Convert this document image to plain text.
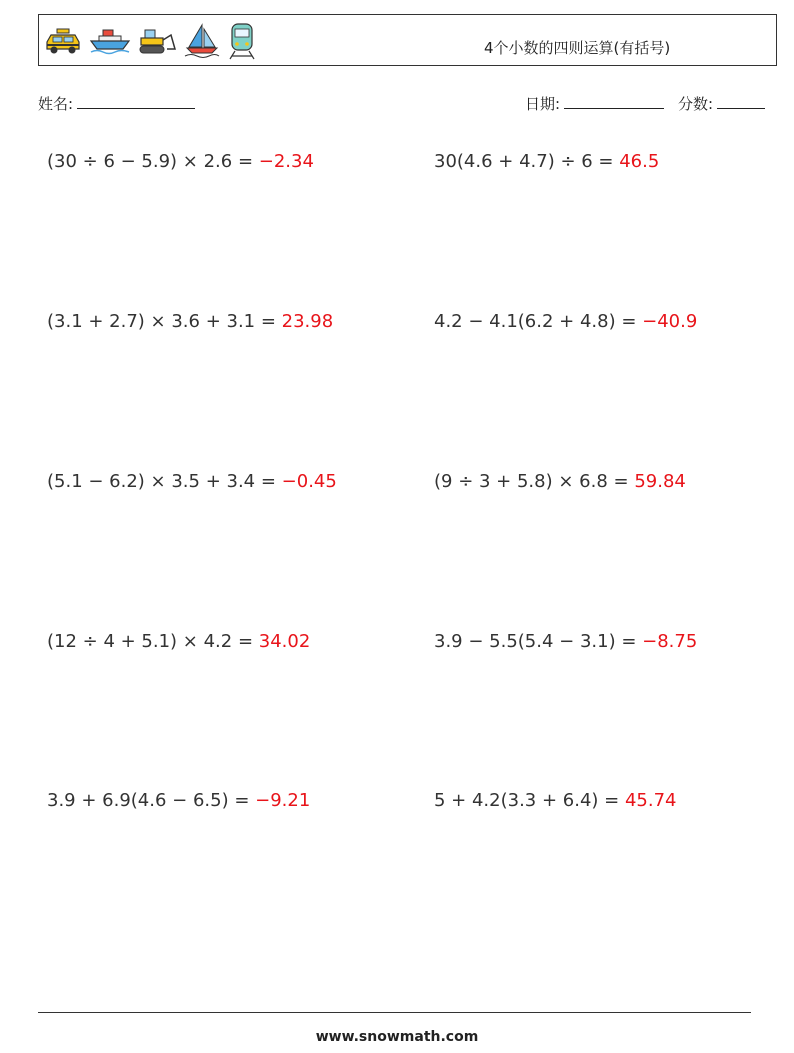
4个小数的四则运算(有括号)
姓名:	日期:	分数:
(30 ÷ 6 − 5.9) × 2.6 = −2.34	30(4.6 + 4.7) ÷ 6 = 46.5
(3.1 + 2.7) × 3.6 + 3.1 = 23.98	4.2 − 4.1(6.2 + 4.8) = −40.9
(5.1 − 6.2) × 3.5 + 3.4 = −0.45	(9 ÷ 3 + 5.8) × 6.8 = 59.84
(12 ÷ 4 + 5.1) × 4.2 = 34.02	3.9 − 5.5(5.4 − 3.1) = −8.75
3.9 + 6.9(4.6 − 6.5) = −9.21	5 + 4.2(3.3 + 6.4) = 45.74
www.snowmath.com
